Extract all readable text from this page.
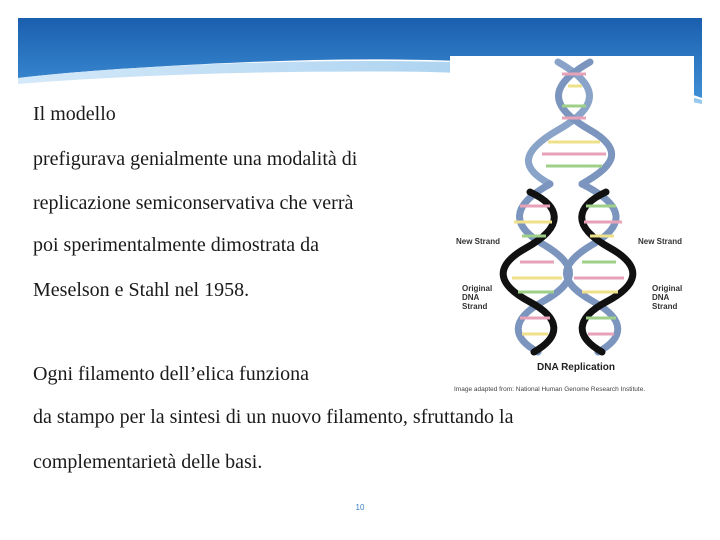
Il modello
prefigurava genialmente una modalità di
replicazione semiconservativa che verrà
poi sperimentalmente dimostrata da
Meselson e Stahl nel 1958.
Ogni filamento dell’elica funziona
da stampo per la sintesi di un nuovo filamento, sfruttando la
complementarietà delle basi.
New Strand	New Strand
Original
DNA
Strand
Original
DNA
Strand
DNA Replication
Image adapted from: National Human Genome Research Institute.
10
